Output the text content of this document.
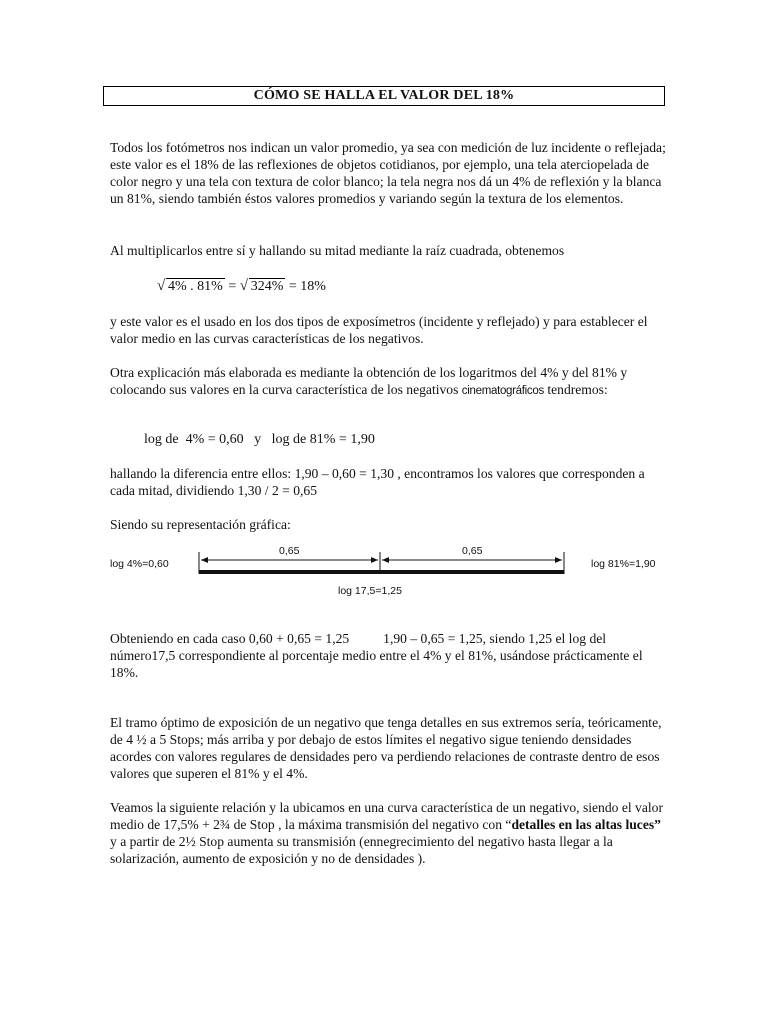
CÓMO SE HALLA EL VALOR DEL 18%

Todos los fotómetros nos indican un valor promedio, ya sea con medición de luz incidente o reflejada; este valor es el 18% de las reflexiones de objetos cotidianos, por ejemplo, una tela aterciopelada de color negro y una tela con textura de color blanco; la tela negra nos dá un 4% de reflexión y la blanca un 81%, siendo también éstos valores promedios y variando según la textura de los elementos.

Al multiplicarlos entre sí y hallando su mitad mediante la raíz cuadrada, obtenemos

√ 4% . 81% = √ 324% = 18%

y este valor es el usado en los dos tipos de exposímetros (incidente y reflejado) y para establecer el valor medio en las curvas características de los negativos.

Otra explicación más elaborada es mediante la obtención de los logaritmos del 4% y del 81% y colocando sus valores en la curva característica de los negativos cinematográficos tendremos:

log de  4% = 0,60   y   log de 81% = 1,90

hallando la diferencia entre ellos: 1,90 – 0,60 = 1,30 , encontramos los valores que corresponden a cada mitad, dividiendo 1,30 / 2 = 0,65

Siendo su representación gráfica:

log 4%=0,60	log 81%=1,90
0,65	0,65
log 17,5=1,25

Obteniendo en cada caso 0,60 + 0,65 = 1,25          1,90 – 0,65 = 1,25, siendo 1,25 el log del número17,5 correspondiente al porcentaje medio entre el 4% y el 81%, usándose prácticamente el 18%.

El tramo óptimo de exposición de un negativo que tenga detalles en sus extremos sería, teóricamente, de 4 ½ a 5 Stops; más arriba y por debajo de estos límites el negativo sigue teniendo densidades acordes con valores regulares de densidades pero va perdiendo relaciones de contraste dentro de esos valores que superen el 81% y el 4%.

Veamos la siguiente relación y la ubicamos en una curva característica de un negativo, siendo el valor medio de 17,5% + 2¾ de Stop , la máxima transmisión del negativo con “detalles en las altas luces” y a partir de 2½ Stop aumenta su transmisión (ennegrecimiento del negativo hasta llegar a la solarización, aumento de exposición y no de densidades ).
